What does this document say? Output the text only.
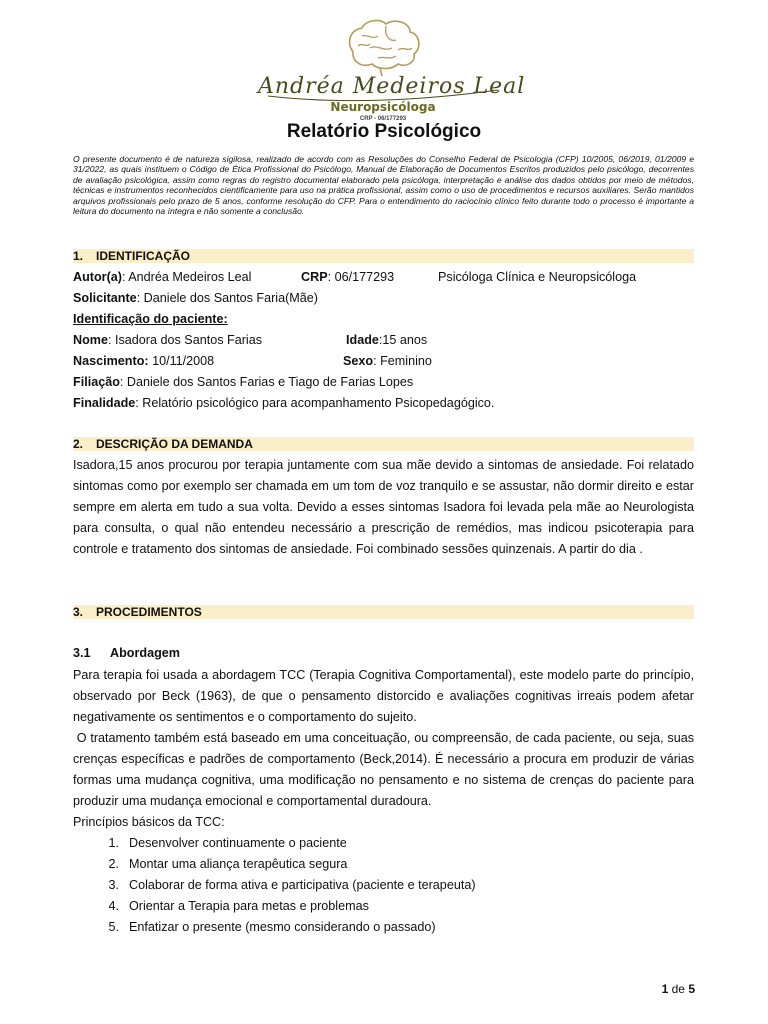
Andréa Medeiros Leal
Neuropsicóloga
CRP - 06/177293
Relatório Psicológico
O presente documento é de natureza sigilosa, realizado de acordo com as Resoluções do Conselho Federal de Psicologia (CFP) 10/2005, 06/2019, 01/2009 e 31/2022, as quais instituem o Código de Ética Profissional do Psicólogo, Manual de Elaboração de Documentos Escritos produzidos pelo psicólogo, decorrentes de avaliação psicológica, assim como regras do registro documental elaborado pela psicóloga, interpretação e análise dos dados obtidos por meio de métodos, técnicas e instrumentos reconhecidos cientificamente para uso na prática profissional, assim como o uso de procedimentos e recursos auxiliares. Serão mantidos arquivos profissionais pelo prazo de 5 anos, conforme resolução do CFP. Para o entendimento do raciocínio clínico feito durante todo o processo é importante a leitura do documento na íntegra e não somente a conclusão.
1. IDENTIFICAÇÃO
Autor(a): Andréa Medeiros Leal	CRP: 06/177293	Psicóloga Clínica e Neuropsicóloga
Solicitante: Daniele dos Santos Faria(Mãe)
Identificação do paciente:
Nome: Isadora dos Santos Farias	Idade:15 anos
Nascimento: 10/11/2008	Sexo: Feminino
Filiação: Daniele dos Santos Farias e Tiago de Farias Lopes
Finalidade: Relatório psicológico para acompanhamento Psicopedagógico.
2. DESCRIÇÃO DA DEMANDA
Isadora,15 anos procurou por terapia juntamente com sua mãe devido a sintomas de ansiedade. Foi relatado sintomas como por exemplo ser chamada em um tom de voz tranquilo e se assustar, não dormir direito e estar sempre em alerta em tudo a sua volta. Devido a esses sintomas Isadora foi levada pela mãe ao Neurologista para consulta, o qual não entendeu necessário a prescrição de remédios, mas indicou psicoterapia para controle e tratamento dos sintomas de ansiedade. Foi combinado sessões quinzenais. A partir do dia .
3. PROCEDIMENTOS
3.1 Abordagem
Para terapia foi usada a abordagem TCC (Terapia Cognitiva Comportamental), este modelo parte do princípio, observado por Beck (1963), de que o pensamento distorcido e avaliações cognitivas irreais podem afetar negativamente os sentimentos e o comportamento do sujeito.
O tratamento também está baseado em uma conceituação, ou compreensão, de cada paciente, ou seja, suas crenças específicas e padrões de comportamento (Beck,2014). É necessário a procura em produzir de várias formas uma mudança cognitiva, uma modificação no pensamento e no sistema de crenças do paciente para produzir uma mudança emocional e comportamental duradoura.
Princípios básicos da TCC:
1. Desenvolver continuamente o paciente
2. Montar uma aliança terapêutica segura
3. Colaborar de forma ativa e participativa (paciente e terapeuta)
4. Orientar a Terapia para metas e problemas
5. Enfatizar o presente (mesmo considerando o passado)
1 de 5
